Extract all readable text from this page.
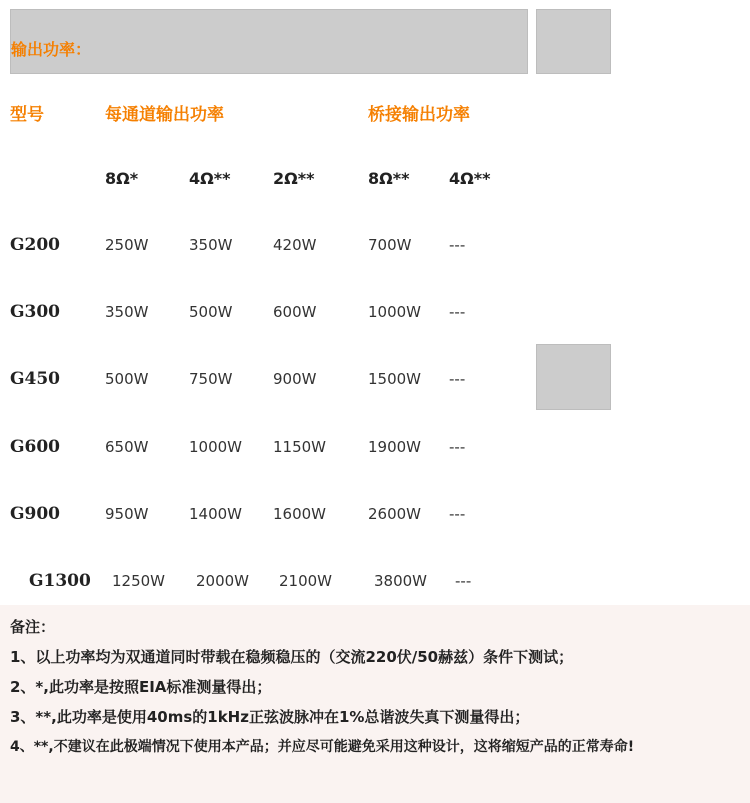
输出功率：
型号	每通道输出功率	桥接输出功率
8Ω*	4Ω**	2Ω**	8Ω** 4Ω**
G200	250W	350W	420W	700W	---
G300	350W	500W	600W	1000W ---
G450	500W	750W	900W	1500W ---
G600	650W	1000W 1150W	1900W ---
G900	950W	1400W 1600W	2600W ---
G1300 1250W 2000W 2100W	3800W ---
备注：
1、以上功率均为双通道同时带载在稳频稳压的（交流220伏/50赫兹）条件下测试；
2、*,此功率是按照EIA标准测量得出；
3、**,此功率是使用40ms的1kHz正弦波脉冲在1%总谐波失真下测量得出；
4、**,不建议在此极端情况下使用本产品；并应尽可能避免采用这种设计，这将缩短产品的正常寿命!
